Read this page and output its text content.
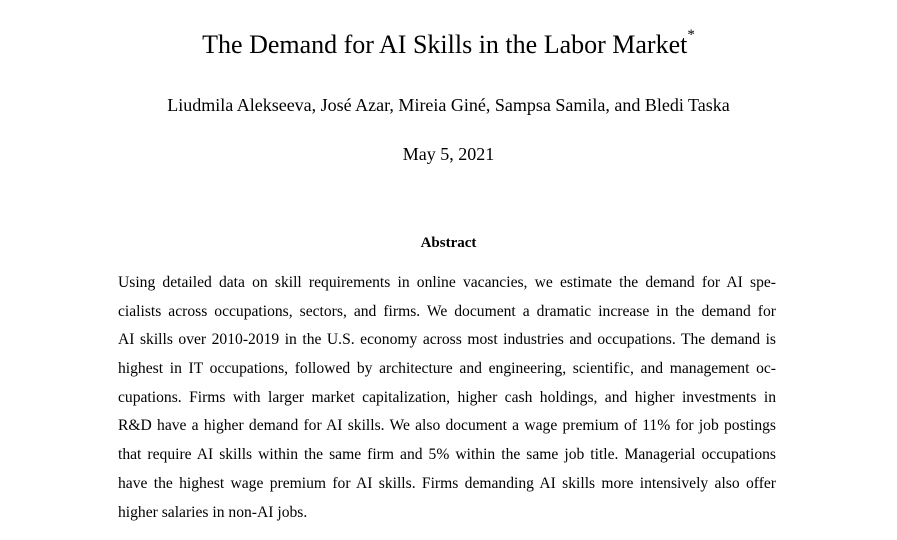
The Demand for AI Skills in the Labor Market*
Liudmila Alekseeva, José Azar, Mireia Giné, Sampsa Samila, and Bledi Taska
May 5, 2021
Abstract
Using detailed data on skill requirements in online vacancies, we estimate the demand for AI spe-
cialists across occupations, sectors, and firms. We document a dramatic increase in the demand for
AI skills over 2010-2019 in the U.S. economy across most industries and occupations. The demand is
highest in IT occupations, followed by architecture and engineering, scientific, and management oc-
cupations. Firms with larger market capitalization, higher cash holdings, and higher investments in
R&D have a higher demand for AI skills. We also document a wage premium of 11% for job postings
that require AI skills within the same firm and 5% within the same job title. Managerial occupations
have the highest wage premium for AI skills. Firms demanding AI skills more intensively also offer
higher salaries in non-AI jobs.
